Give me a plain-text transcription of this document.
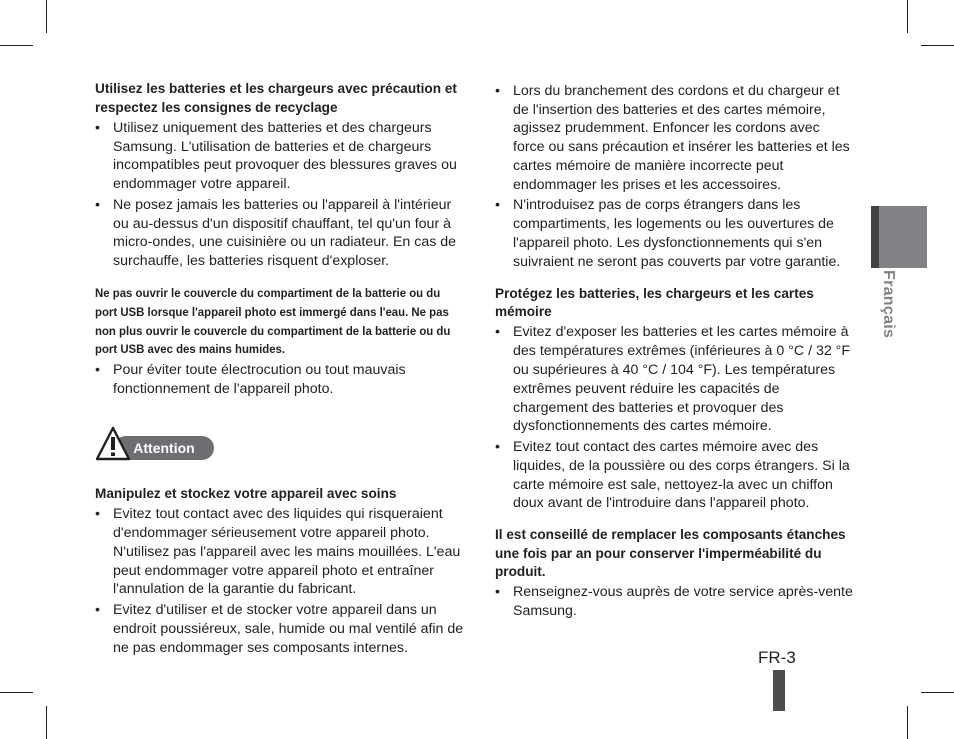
Utilisez les batteries et les chargeurs avec précaution et respectez les consignes de recyclage

• Utilisez uniquement des batteries et des chargeurs Samsung. L'utilisation de batteries et de chargeurs incompatibles peut provoquer des blessures graves ou endommager votre appareil.
• Ne posez jamais les batteries ou l'appareil à l'intérieur ou au-dessus d'un dispositif chauffant, tel qu'un four à micro-ondes, une cuisinière ou un radiateur. En cas de surchauffe, les batteries risquent d'exploser.

Ne pas ouvrir le couvercle du compartiment de la batterie ou du port USB lorsque l'appareil photo est immergé dans l'eau. Ne pas non plus ouvrir le couvercle du compartiment de la batterie ou du port USB avec des mains humides.

• Pour éviter toute électrocution ou tout mauvais fonctionnement de l'appareil photo.
Attention

Manipulez et stockez votre appareil avec soins

• Evitez tout contact avec des liquides qui risqueraient d'endommager sérieusement votre appareil photo. N'utilisez pas l'appareil avec les mains mouillées. L'eau peut endommager votre appareil photo et entraîner l'annulation de la garantie du fabricant.
• Evitez d'utiliser et de stocker votre appareil dans un endroit poussiéreux, sale, humide ou mal ventilé afin de ne pas endommager ses composants internes.
• Lors du branchement des cordons et du chargeur et de l'insertion des batteries et des cartes mémoire, agissez prudemment. Enfoncer les cordons avec force ou sans précaution et insérer les batteries et les cartes mémoire de manière incorrecte peut endommager les prises et les accessoires.
• N'introduisez pas de corps étrangers dans les compartiments, les logements ou les ouvertures de l'appareil photo. Les dysfonctionnements qui s'en suivraient ne seront pas couverts par votre garantie.

Protégez les batteries, les chargeurs et les cartes mémoire

• Evitez d'exposer les batteries et les cartes mémoire à des températures extrêmes (inférieures à 0 °C / 32 °F ou supérieures à 40 °C / 104 °F). Les températures extrêmes peuvent réduire les capacités de chargement des batteries et provoquer des dysfonctionnements des cartes mémoire.
• Evitez tout contact des cartes mémoire avec des liquides, de la poussière ou des corps étrangers. Si la carte mémoire est sale, nettoyez-la avec un chiffon doux avant de l'introduire dans l'appareil photo.

Il est conseillé de remplacer les composants étanches une fois par an pour conserver l'imperméabilité du produit.

• Renseignez-vous auprès de votre service après-vente Samsung.
Français
FR-3
